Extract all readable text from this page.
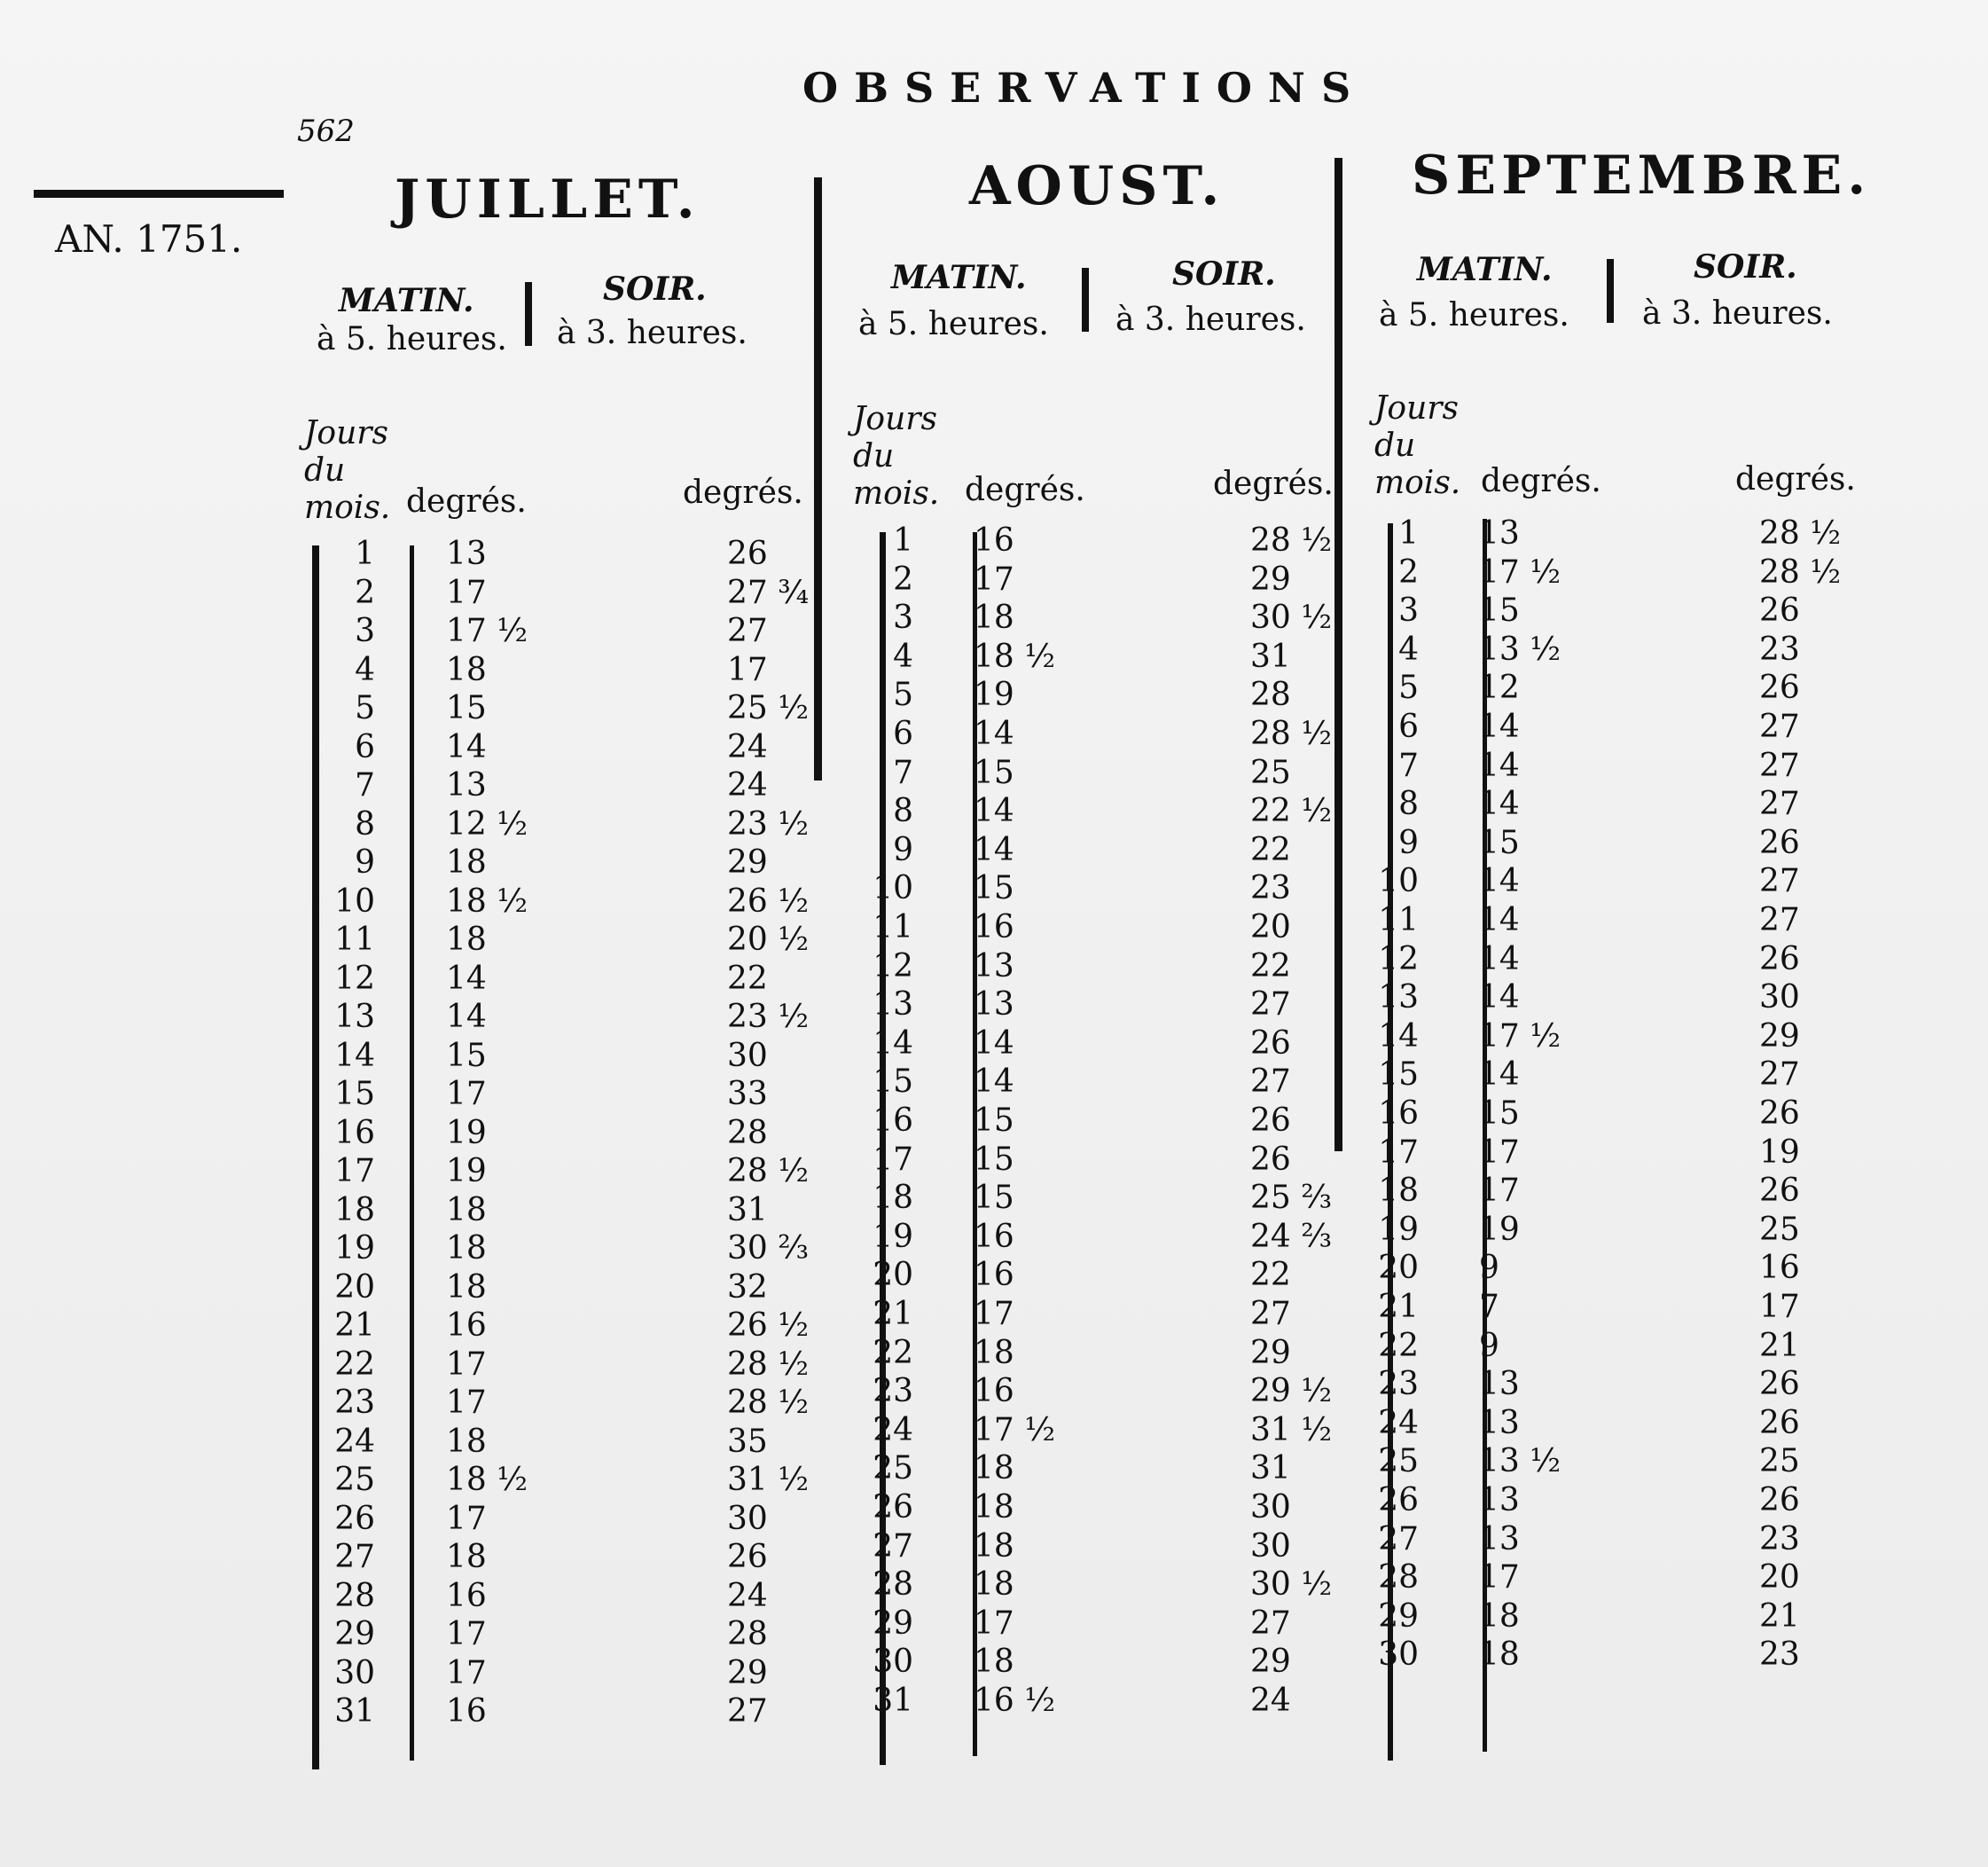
OBSERVATIONS
562
AN. 1751.
JUILLET.
MATIN.
à 5. heures.
SOIR.
à 3. heures.
Jours du mois. degrés.	degrés.
AOUST.
MATIN.
à 5. heures.
SOIR.
à 3. heures.
Jours du mois. degrés.	degrés.
SEPTEMBRE.
MATIN.
à 5. heures.
SOIR.
à 3. heures.
Jours du mois. degrés.	degrés.
1 13	26
2 17	27 ¾
3 17 ½	27
4 18	17
5 15	25 ½
6 14	24
7 13	24
8 12 ½	23 ½
9 18	29
10 18 ½	26 ½
11 18	20 ½
12 14	22
13 14	23 ½
14 15	30
15 17	33
16 19	28
17 19	28 ½
18 18	31
19 18	30 ⅔
20 18	32
21 16	26 ½
22 17	28 ½
23 17	28 ½
24 18	35
25 18 ½	31 ½
26 17	30
27 18	26
28 16	24
29 17	28
30 17	29
31 16	27
1 16	28 ½
2 17	29
3 18	30 ½
4 18 ½	31
5 19	28
6 14	28 ½
7 15	25
8 14	22 ½
9 14	22
10 15	23
11 16	20
12 13	22
13 13	27
14 14	26
15 14	27
16 15	26
17 15	26
18 15	25 ⅔
19 16	24 ⅔
20 16	22
21 17	27
22 18	29
23 16	29 ½
24 17 ½	31 ½
25 18	31
26 18	30
27 18	30
28 18	30 ½
29 17	27
30 18	29
31 16 ½	24
1 13	28 ½
2 17 ½	28 ½
3 15	26
4 13 ½	23
5 12	26
6 14	27
7 14	27
8 14	27
9 15	26
10 14	27
11 14	27
12 14	26
13 14	30
14 17 ½	29
15 14	27
16 15	26
17 17	19
18 17	26
19 19	25
20 9	16
21 7	17
22 9	21
23 13	26
24 13	26
25 13 ½	25
26 13	26
27 13	23
28 17	20
29 18	21
30 18	23
